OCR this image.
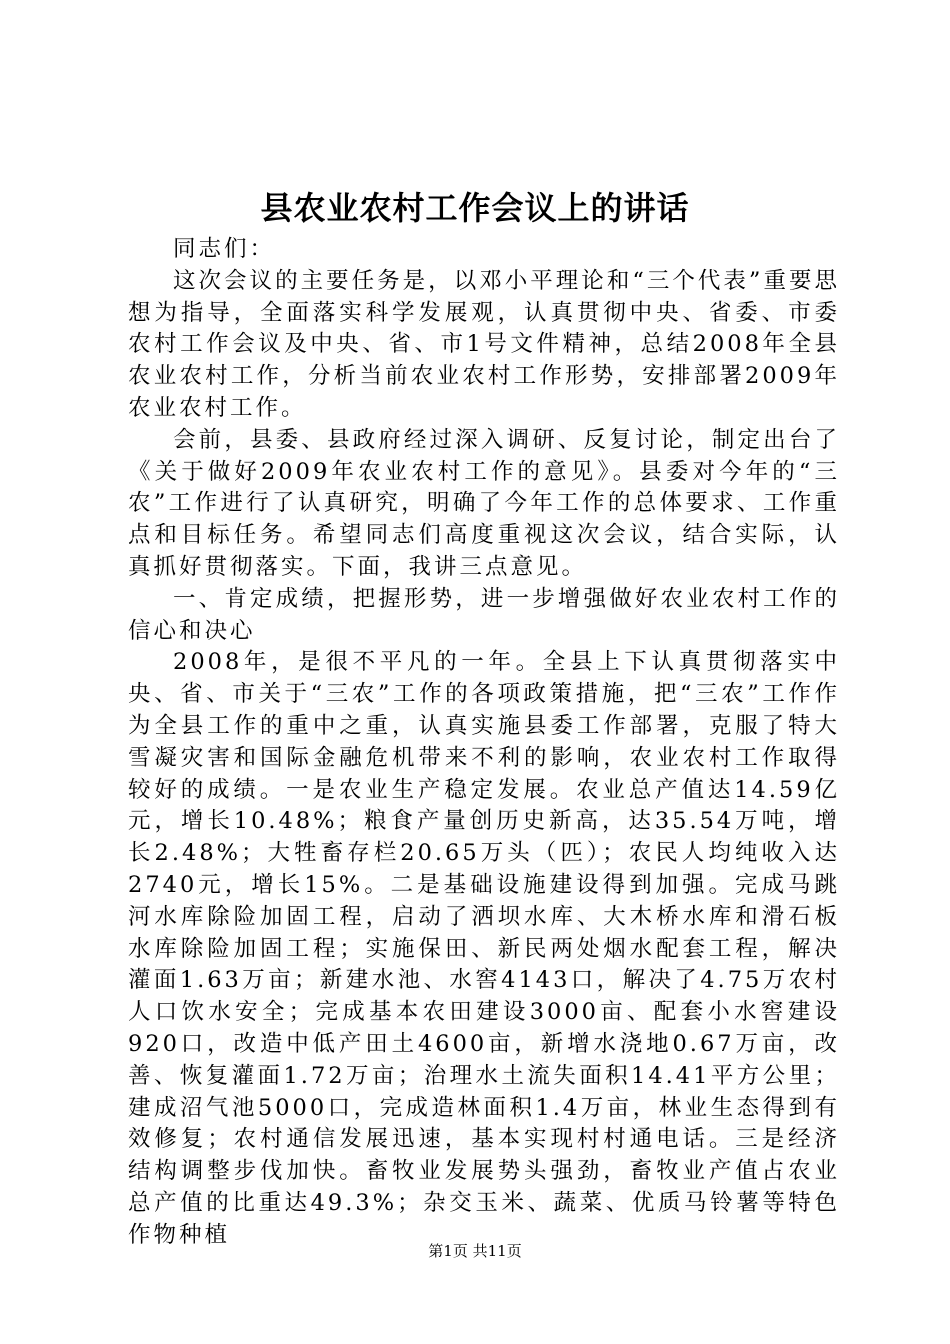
县农业农村工作会议上的讲话

同志们：

这次会议的主要任务是，以邓小平理论和“三个代表”重要思想为指导，全面落实科学发展观，认真贯彻中央、省委、市委农村工作会议及中央、省、市1号文件精神，总结2008年全县农业农村工作，分析当前农业农村工作形势，安排部署2009年农业农村工作。

会前，县委、县政府经过深入调研、反复讨论，制定出台了《关于做好2009年农业农村工作的意见》。县委对今年的“三农”工作进行了认真研究，明确了今年工作的总体要求、工作重点和目标任务。希望同志们高度重视这次会议，结合实际，认真抓好贯彻落实。下面，我讲三点意见。

一、肯定成绩，把握形势，进一步增强做好农业农村工作的信心和决心

2008年，是很不平凡的一年。全县上下认真贯彻落实中央、省、市关于“三农”工作的各项政策措施，把“三农”工作作为全县工作的重中之重，认真实施县委工作部署，克服了特大雪凝灾害和国际金融危机带来不利的影响，农业农村工作取得较好的成绩。一是农业生产稳定发展。农业总产值达14.59亿元，增长10.48%；粮食产量创历史新高，达35.54万吨，增长2.48%；大牲畜存栏20.65万头（匹）；农民人均纯收入达2740元，增长15%。二是基础设施建设得到加强。完成马跳河水库除险加固工程，启动了洒坝水库、大木桥水库和滑石板水库除险加固工程；实施保田、新民两处烟水配套工程，解决灌面1.63万亩；新建水池、水窖4143口，解决了4.75万农村人口饮水安全；完成基本农田建设3000亩、配套小水窖建设920口，改造中低产田土4600亩，新增水浇地0.67万亩，改善、恢复灌面1.72万亩；治理水土流失面积14.41平方公里；建成沼气池5000口，完成造林面积1.4万亩，林业生态得到有效修复；农村通信发展迅速，基本实现村村通电话。三是经济结构调整步伐加快。畜牧业发展势头强劲，畜牧业产值占农业总产值的比重达49.3%；杂交玉米、蔬菜、优质马铃薯等特色作物种植

第1页 共11页
